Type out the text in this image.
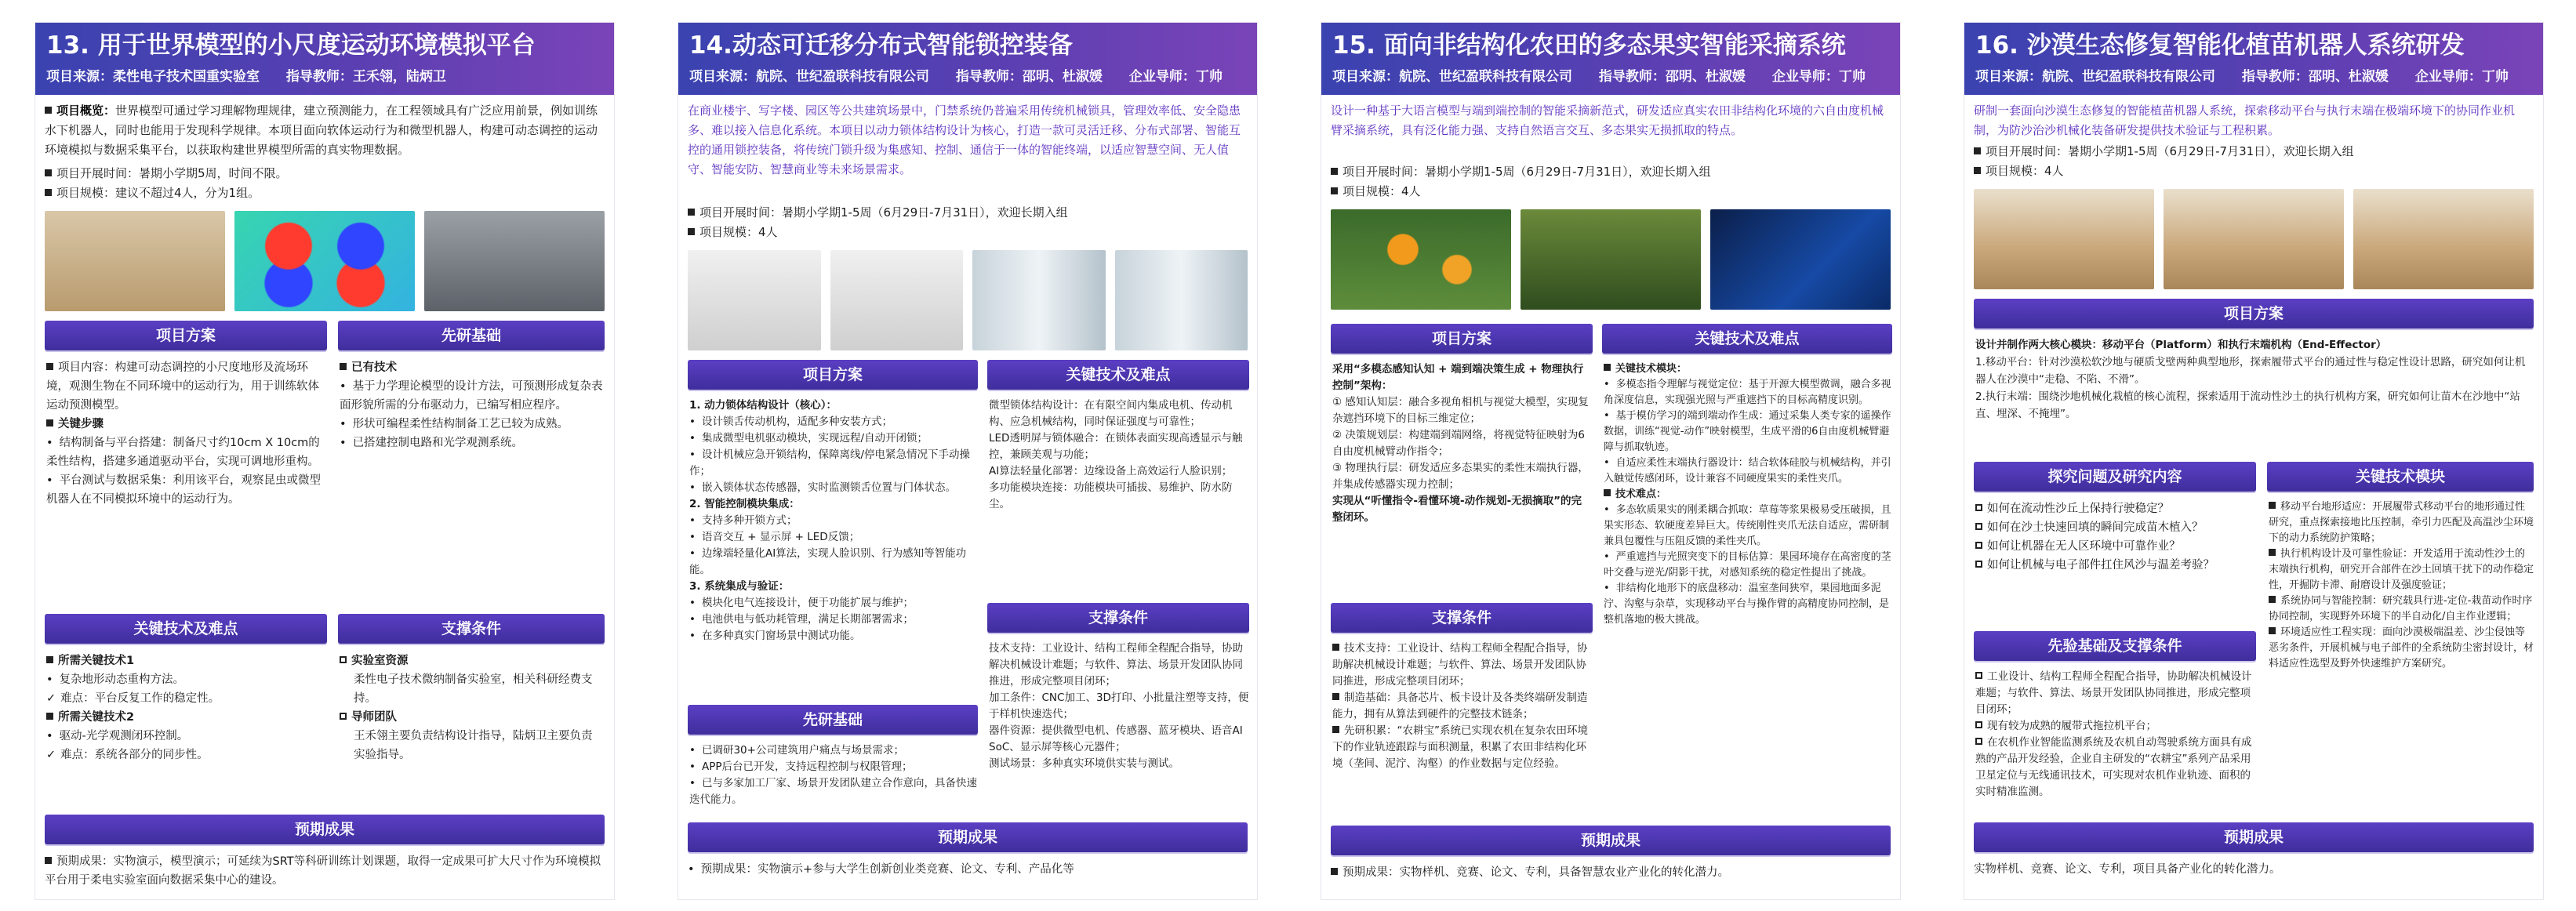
13. 用于世界模型的小尺度运动环境模拟平台
项目来源：柔性电子技术国重实验室 指导教师：王禾翎，陆炳卫
项目概览：世界模型可通过学习理解物理规律，建立预测能力，在工程领域具有广泛应用前景，例如训练水下机器人，同时也能用于发现科学规律。本项目面向软体运动行为和微型机器人，构建可动态调控的运动环境模拟与数据采集平台，以获取构建世界模型所需的真实物理数据。
项目开展时间：暑期小学期5周，时间不限。
项目规模：建议不超过4人，分为1组。
项目方案	先研基础
项目内容：构建可动态调控的小尺度地形及流场环境，观测生物在不同环境中的运动行为，用于训练软体运动预测模型。
关键步骤
• 结构制备与平台搭建：制备尺寸约10cm X 10cm的柔性结构，搭建多通道驱动平台，实现可调地形重构。
• 平台测试与数据采集：利用该平台，观察昆虫或微型机器人在不同模拟环境中的运动行为。
已有技术
• 基于力学理论模型的设计方法，可预测形成复杂表面形貌所需的分布驱动力，已编写相应程序。
• 形状可编程柔性结构制备工艺已较为成熟。
• 已搭建控制电路和光学观测系统。
关键技术及难点	支撑条件
所需关键技术1
• 复杂地形动态重构方法。
✓ 难点：平台反复工作的稳定性。
所需关键技术2
• 驱动-光学观测闭环控制。
✓ 难点：系统各部分的同步性。
实验室资源
柔性电子技术微纳制备实验室，相关科研经费支持。
导师团队
王禾翎主要负责结构设计指导，陆炳卫主要负责实验指导。
预期成果
预期成果：实物演示，模型演示；可延续为SRT等科研训练计划课题，取得一定成果可扩大尺寸作为环境模拟平台用于柔电实验室面向数据采集中心的建设。
14.动态可迁移分布式智能锁控装备
项目来源：航院、世纪盈联科技有限公司 指导教师：邵明、杜淑媛 企业导师：丁帅
在商业楼宇、写字楼、园区等公共建筑场景中，门禁系统仍普遍采用传统机械锁具，管理效率低、安全隐患多、难以接入信息化系统。本项目以动力锁体结构设计为核心，打造一款可灵活迁移、分布式部署、智能互控的通用锁控装备，将传统门锁升级为集感知、控制、通信于一体的智能终端，以适应智慧空间、无人值守、智能安防、智慧商业等未来场景需求。
项目开展时间：暑期小学期1-5周（6月29日-7月31日），欢迎长期入组
项目规模：4人
项目方案	关键技术及难点
1. 动力锁体结构设计（核心）：
• 设计锁舌传动机构，适配多种安装方式；
• 集成微型电机驱动模块，实现远程/自动开闭锁；
• 设计机械应急开锁结构，保障离线/停电紧急情况下手动操作；
• 嵌入锁体状态传感器，实时监测锁舌位置与门体状态。
2. 智能控制模块集成：
• 支持多种开锁方式；
• 语音交互 + 显示屏 + LED反馈；
• 边缘端轻量化AI算法，实现人脸识别、行为感知等智能功能。
3. 系统集成与验证：
• 模块化电气连接设计，便于功能扩展与维护；
• 电池供电与低功耗管理，满足长期部署需求；
• 在多种真实门窗场景中测试功能。
微型锁体结构设计：在有限空间内集成电机、传动机构、应急机械结构，同时保证强度与可靠性；
LED透明屏与锁体融合：在锁体表面实现高透显示与触控，兼顾美观与功能；
AI算法轻量化部署：边缘设备上高效运行人脸识别；
多功能模块连接：功能模块可插拔、易维护、防水防尘。
先研基础
• 已调研30+公司建筑用户痛点与场景需求；
• APP后台已开发，支持远程控制与权限管理；
• 已与多家加工厂家、场景开发团队建立合作意向，具备快速迭代能力。
支撑条件
技术支持：工业设计、结构工程师全程配合指导，协助解决机械设计难题；与软件、算法、场景开发团队协同推进，形成完整项目闭环；
加工条件：CNC加工、3D打印、小批量注塑等支持，便于样机快速迭代；
器件资源：提供微型电机、传感器、蓝牙模块、语音AI SoC、显示屏等核心元器件；
测试场景：多种真实环境供实装与测试。
预期成果
• 预期成果：实物演示+参与大学生创新创业类竞赛、论文、专利、产品化等
15. 面向非结构化农田的多态果实智能采摘系统
项目来源：航院、世纪盈联科技有限公司 指导教师：邵明、杜淑媛 企业导师：丁帅
设计一种基于大语言模型与端到端控制的智能采摘新范式，研发适应真实农田非结构化环境的六自由度机械臂采摘系统，具有泛化能力强、支持自然语言交互、多态果实无损抓取的特点。
项目开展时间：暑期小学期1-5周（6月29日-7月31日），欢迎长期入组
项目规模：4人
项目方案	关键技术及难点
采用“多模态感知认知 + 端到端决策生成 + 物理执行控制”架构：
① 感知认知层：融合多视角相机与视觉大模型，实现复杂遮挡环境下的目标三维定位；
② 决策规划层：构建端到端网络，将视觉特征映射为6自由度机械臂动作指令；
③ 物理执行层：研发适应多态果实的柔性末端执行器，并集成传感器实现力控制；
实现从“听懂指令-看懂环境-动作规划-无损摘取”的完整闭环。
关键技术模块：
• 多模态指令理解与视觉定位：基于开源大模型微调，融合多视角深度信息，实现强光照与严重遮挡下的目标高精度识别。
• 基于模仿学习的端到端动作生成：通过采集人类专家的遥操作数据，训练“视觉-动作”映射模型，生成平滑的6自由度机械臂避障与抓取轨迹。
• 自适应柔性末端执行器设计：结合软体硅胶与机械结构，并引入触觉传感闭环，设计兼容不同硬度果实的柔性夹爪。
技术难点：
• 多态软质果实的刚柔耦合抓取：草莓等浆果极易受压破损，且果实形态、软硬度差异巨大。传统刚性夹爪无法自适应，需研制兼具包覆性与压阻反馈的柔性夹爪。
• 严重遮挡与光照突变下的目标估算：果园环境存在高密度的茎叶交叠与逆光/阴影干扰，对感知系统的稳定性提出了挑战。
• 非结构化地形下的底盘移动：温室垄间狭窄，果园地面多泥泞、沟壑与杂草，实现移动平台与操作臂的高精度协同控制，是整机落地的极大挑战。
支撑条件
技术支持：工业设计、结构工程师全程配合指导，协助解决机械设计难题；与软件、算法、场景开发团队协同推进，形成完整项目闭环；
制造基础：具备芯片、板卡设计及各类终端研发制造能力，拥有从算法到硬件的完整技术链条；
先研积累：“农耕宝”系统已实现农机在复杂农田环境下的作业轨迹跟踪与面积测量，积累了农田非结构化环境（垄间、泥泞、沟壑）的作业数据与定位经验。
预期成果
预期成果：实物样机、竞赛、论文、专利，具备智慧农业产业化的转化潜力。
16. 沙漠生态修复智能化植苗机器人系统研发
项目来源：航院、世纪盈联科技有限公司 指导教师：邵明、杜淑媛 企业导师：丁帅
研制一套面向沙漠生态修复的智能植苗机器人系统，探索移动平台与执行末端在极端环境下的协同作业机制，为防沙治沙机械化装备研发提供技术验证与工程积累。
项目开展时间：暑期小学期1-5周（6月29日-7月31日），欢迎长期入组
项目规模：4人
项目方案
设计并制作两大核心模块：移动平台（Platform）和执行末端机构（End-Effector）
1.移动平台：针对沙漠松软沙地与硬质戈壁两种典型地形，探索履带式平台的通过性与稳定性设计思路，研究如何让机器人在沙漠中“走稳、不陷、不滑”。
2.执行末端：围绕沙地机械化栽植的核心流程，探索适用于流动性沙土的执行机构方案，研究如何让苗木在沙地中“站直、埋深、不掩埋”。
探究问题及研究内容	关键技术模块
如何在流动性沙丘上保持行驶稳定？
如何在沙土快速回填的瞬间完成苗木植入？
如何让机器在无人区环境中可靠作业？
如何让机械与电子部件扛住风沙与温差考验？
移动平台地形适应：开展履带式移动平台的地形通过性研究，重点探索接地比压控制，牵引力匹配及高温沙尘环境下的动力系统防护策略；
执行机构设计及可靠性验证：开发适用于流动性沙土的末端执行机构，研究开合部件在沙土回填干扰下的动作稳定性，开掘防卡滞、耐磨设计及强度验证；
系统协同与智能控制：研究载具行进-定位-栽苗动作时序协同控制，实现野外环境下的半自动化/自主作业逻辑；
环境适应性工程实现：面向沙漠极端温差、沙尘侵蚀等恶劣条件，开展机械与电子部件的全系统防尘密封设计，材料适应性选型及野外快速维护方案研究。
先验基础及支撑条件
工业设计、结构工程师全程配合指导，协助解决机械设计难题；与软件、算法、场景开发团队协同推进，形成完整项目闭环；
现有较为成熟的履带式拖拉机平台；
在农机作业智能监测系统及农机自动驾驶系统方面具有成熟的产品开发经验，企业自主研发的“农耕宝”系列产品采用卫星定位与无线通讯技术，可实现对农机作业轨迹、面积的实时精准监测。
预期成果
实物样机、竞赛、论文、专利，项目具备产业化的转化潜力。
